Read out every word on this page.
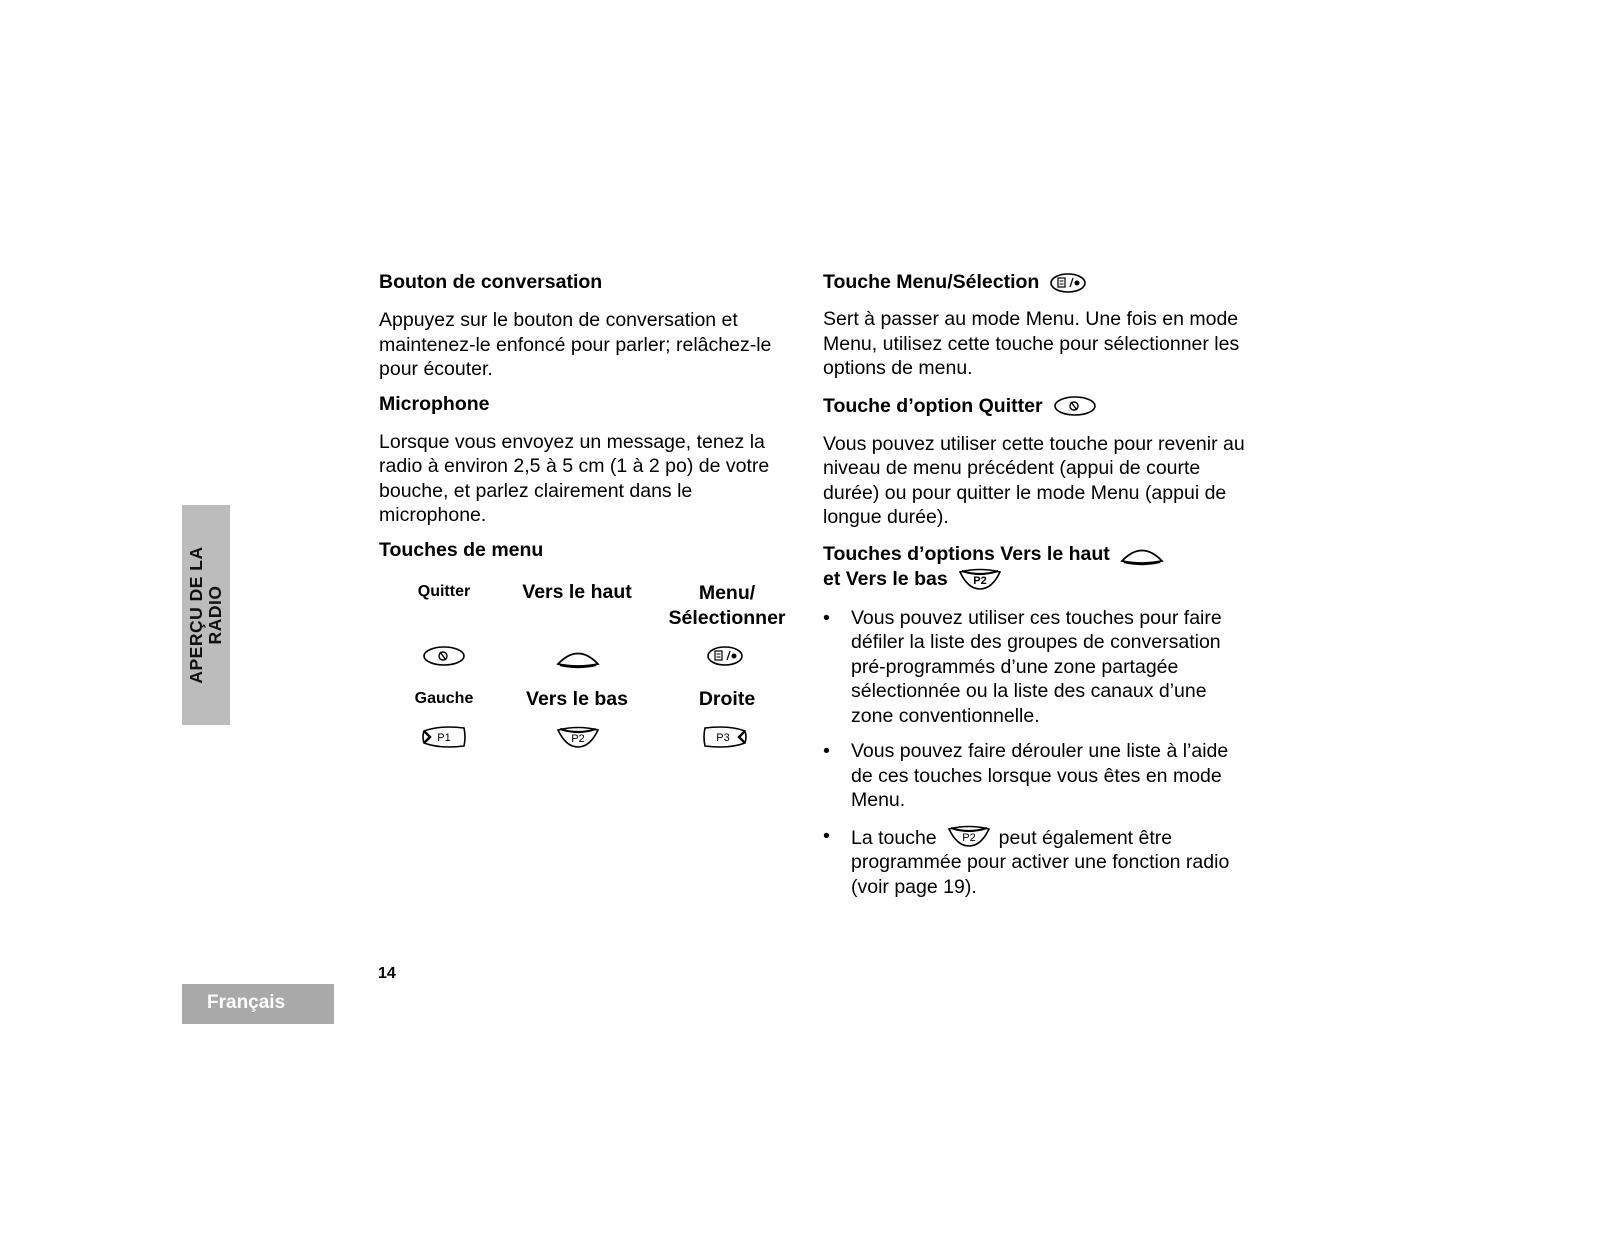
APERÇU DE LA RADIO
Français
14
Bouton de conversation

Appuyez sur le bouton de conversation et maintenez-le enfoncé pour parler; relâchez-le pour écouter.

Microphone

Lorsque vous envoyez un message, tenez la radio à environ 2,5 à 5 cm (1 à 2 po) de votre bouche, et parlez clairement dans le microphone.

Touches de menu
Quitter	Vers le haut	Menu/
Sélectionner
Gauche	Vers le bas	Droite
P1	P2	P3
Touche Menu/Sélection

Sert à passer au mode Menu. Une fois en mode Menu, utilisez cette touche pour sélectionner les options de menu.

Touche d’option Quitter

Vous pouvez utiliser cette touche pour revenir au niveau de menu précédent (appui de courte durée) ou pour quitter le mode Menu (appui de longue durée).

Touches d’options Vers le haut
et Vers le bas P2
• Vous pouvez utiliser ces touches pour faire défiler la liste des groupes de conversation pré-programmés d’une zone partagée sélectionnée ou la liste des canaux d’une zone conventionnelle.
• Vous pouvez faire dérouler une liste à l’aide de ces touches lorsque vous êtes en mode Menu.
• La touche P2 peut également être programmée pour activer une fonction radio (voir page 19).
